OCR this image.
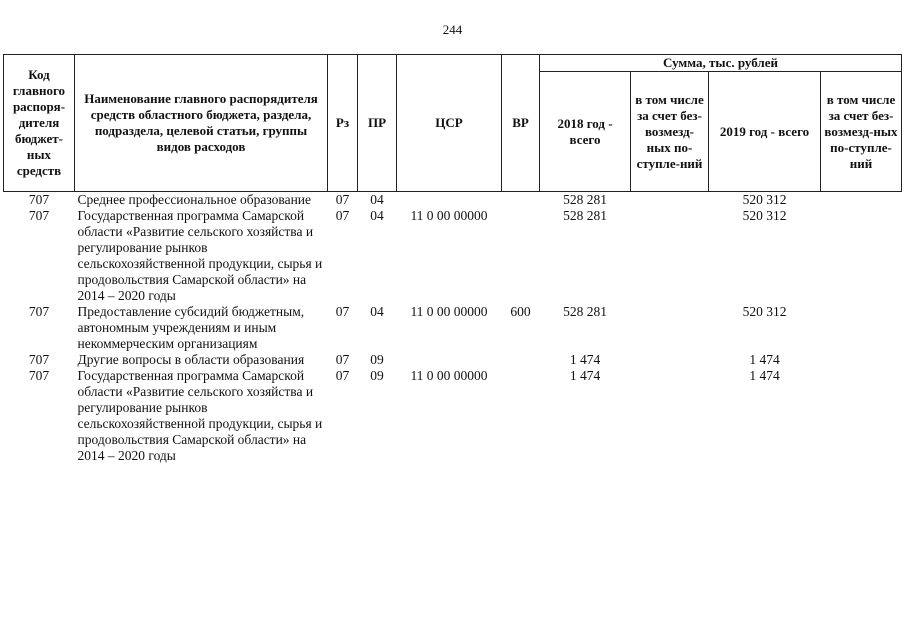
244
Код главного распоря-дителя бюджет-ных средств	Наименование главного распорядителя средств областного бюджета, раздела, подраздела, целевой статьи, группы видов расходов	Рз	ПР	ЦСР	ВР	Сумма, тыс. рублей			
						2018 год - всего	в том числе за счет без-возмезд-ных по-ступле-ний	2019 год - всего	в том числе за счет без-возмезд-ных по-ступле-ний
707	Среднее профессиональное образование	07	04			528 281		520 312	
707	Государственная программа Самарской области «Развитие сельского хозяйства и регулирование рынков сельскохозяйственной продукции, сырья и продовольствия Самарской области» на 2014 – 2020 годы	07	04	11 0 00 00000		528 281		520 312	
707	Предоставление субсидий бюджетным, автономным учреждениям и иным некоммерческим организациям	07	04	11 0 00 00000	600	528 281		520 312	
707	Другие вопросы в области образования	07	09			1 474		1 474	
707	Государственная программа Самарской области «Развитие сельского хозяйства и регулирование рынков сельскохозяйственной продукции, сырья и продовольствия Самарской области» на 2014 – 2020 годы	07	09	11 0 00 00000		1 474		1 474	
